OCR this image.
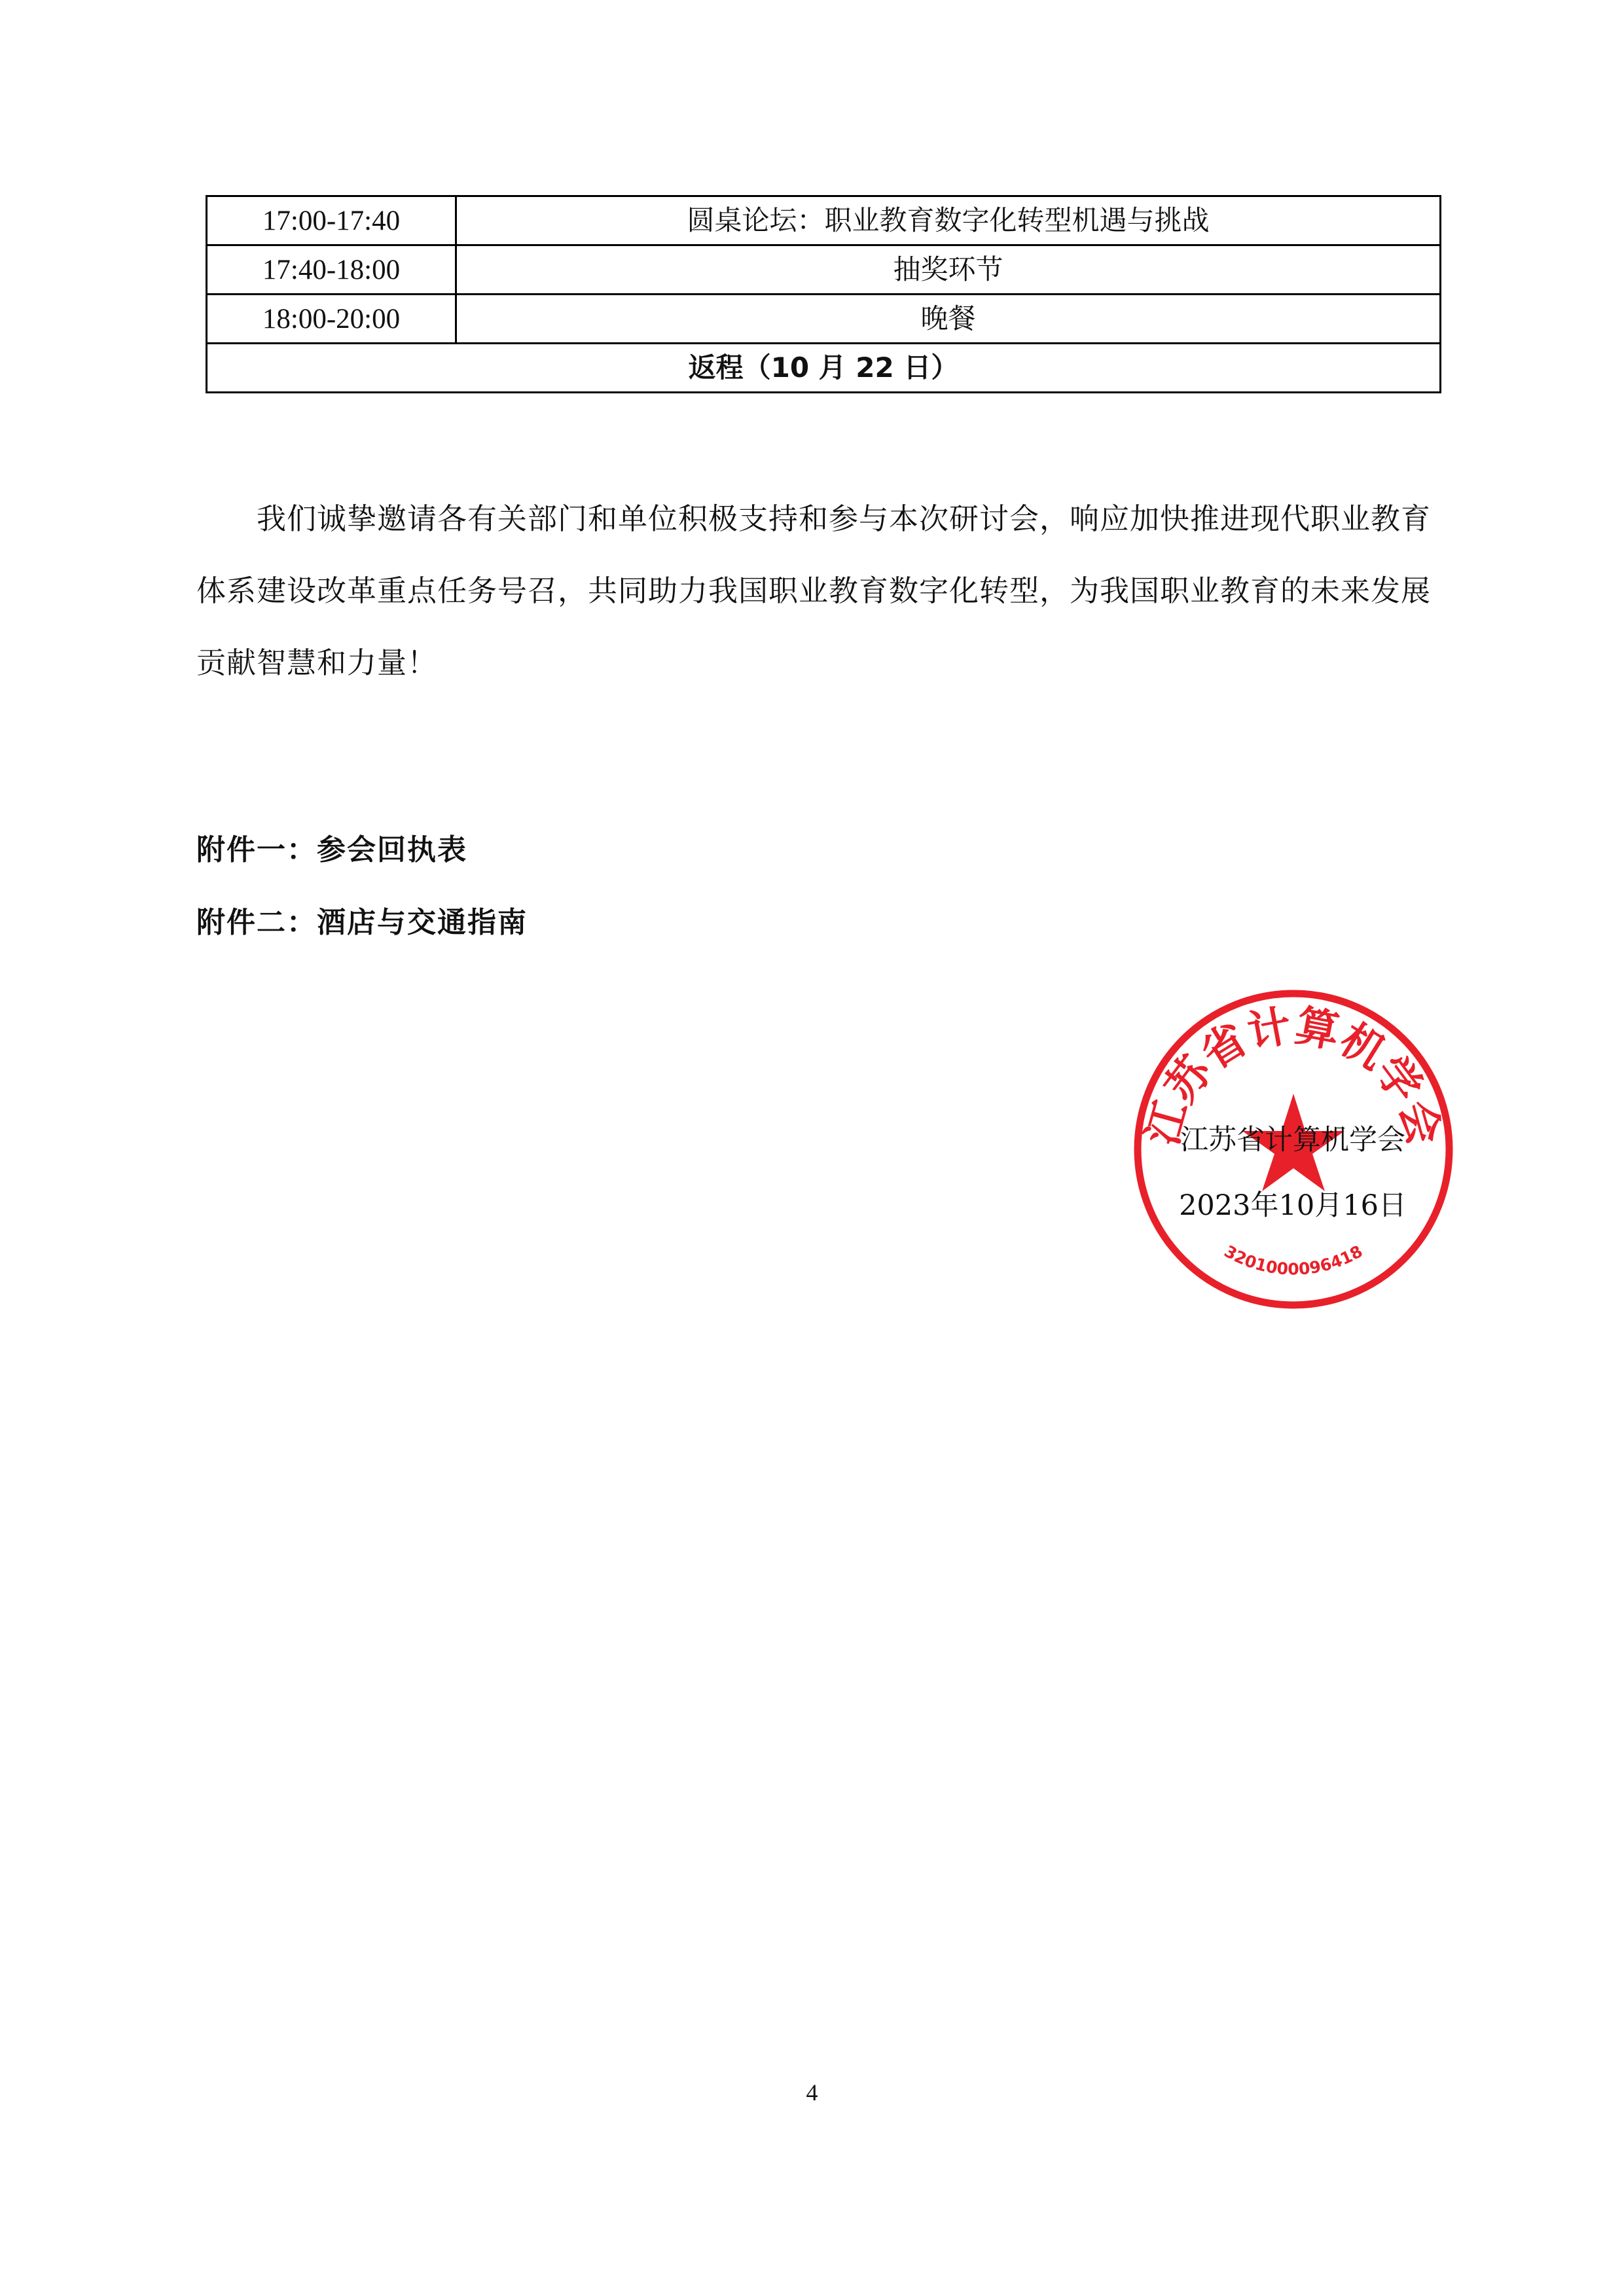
17:00-17:40	圆桌论坛：职业教育数字化转型机遇与挑战
17:40-18:00	抽奖环节
18:00-20:00	晚餐
返程（10 月 22 日）	

我们诚挚邀请各有关部门和单位积极支持和参与本次研讨会，响应加快推进现代职业教育体系建设改革重点任务号召，共同助力我国职业教育数字化转型，为我国职业教育的未来发展贡献智慧和力量！

附件一：参会回执表

附件二：酒店与交通指南

江苏省计算机学会
3201000096418

江苏省计算机学会

2023年10月16日

4
